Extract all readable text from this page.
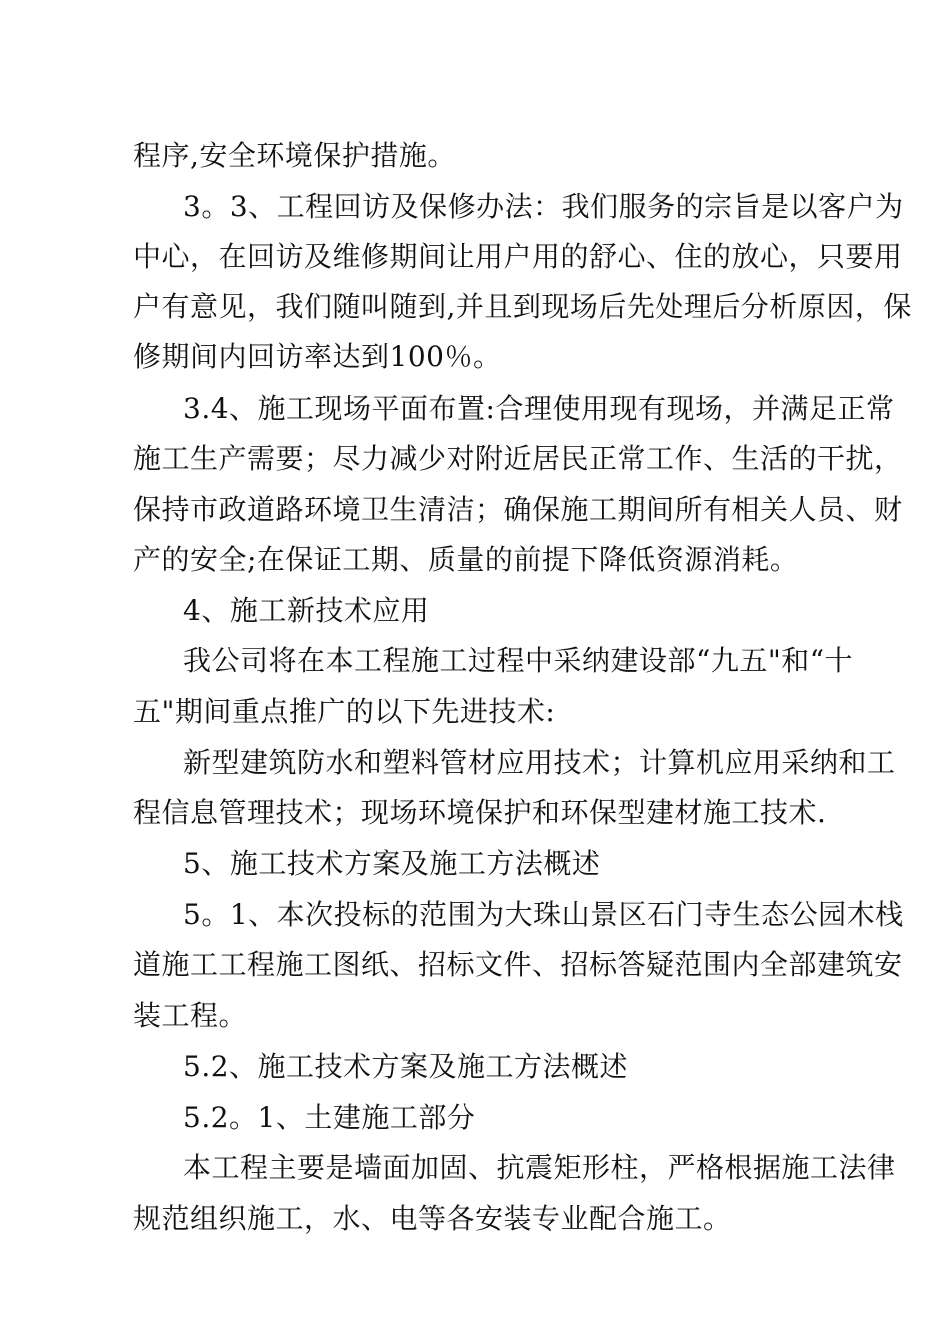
程序,安全环境保护措施。
3。3、工程回访及保修办法：我们服务的宗旨是以客户为
中心，在回访及维修期间让用户用的舒心、住的放心，只要用
户有意见，我们随叫随到,并且到现场后先处理后分析原因，保
修期间内回访率达到100％。
3.4、施工现场平面布置:合理使用现有现场，并满足正常
施工生产需要；尽力减少对附近居民正常工作、生活的干扰，
保持市政道路环境卫生清洁；确保施工期间所有相关人员、财
产的安全;在保证工期、质量的前提下降低资源消耗。
4、施工新技术应用
我公司将在本工程施工过程中采纳建设部“九五"和“十
五"期间重点推广的以下先进技术:
新型建筑防水和塑料管材应用技术；计算机应用采纳和工
程信息管理技术；现场环境保护和环保型建材施工技术.
5、施工技术方案及施工方法概述
5。1、本次投标的范围为大珠山景区石门寺生态公园木栈
道施工工程施工图纸、招标文件、招标答疑范围内全部建筑安
装工程。
5.2、施工技术方案及施工方法概述
5.2。1、土建施工部分
本工程主要是墙面加固、抗震矩形柱，严格根据施工法律
规范组织施工，水、电等各安装专业配合施工。
